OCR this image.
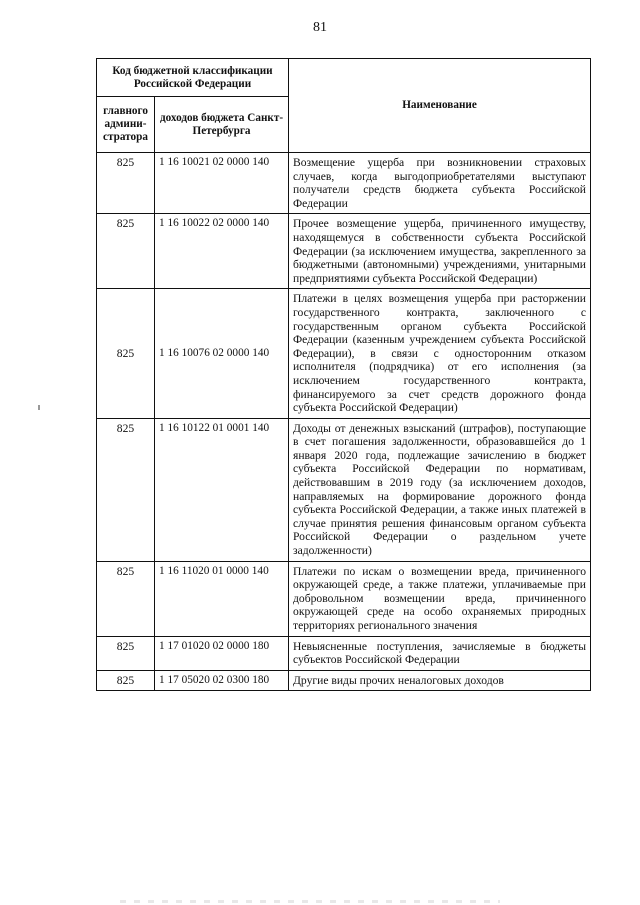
81
Код бюджетной классификации Российской Федерации		Наименование
главного админи-стратора	доходов бюджета Санкт-Петербурга	
825	1 16 10021 02 0000 140	Возмещение ущерба при возникновении страховых случаев, когда выгодоприобретателями выступают получатели средств бюджета субъекта Российской Федерации
825	1 16 10022 02 0000 140	Прочее возмещение ущерба, причиненного имуществу, находящемуся в собственности субъекта Российской Федерации (за исключением имущества, закрепленного за бюджетными (автономными) учреждениями, унитарными предприятиями субъекта Российской Федерации)
825	1 16 10076 02 0000 140	Платежи в целях возмещения ущерба при расторжении государственного контракта, заключенного с государственным органом субъекта Российской Федерации (казенным учреждением субъекта Российской Федерации), в связи с односторонним отказом исполнителя (подрядчика) от его исполнения (за исключением государственного контракта, финансируемого за счет средств дорожного фонда субъекта Российской Федерации)
825	1 16 10122 01 0001 140	Доходы от денежных взысканий (штрафов), поступающие в счет погашения задолженности, образовавшейся до 1 января 2020 года, подлежащие зачислению в бюджет субъекта Российской Федерации по нормативам, действовавшим в 2019 году (за исключением доходов, направляемых на формирование дорожного фонда субъекта Российской Федерации, а также иных платежей в случае принятия решения финансовым органом субъекта Российской Федерации о раздельном учете задолженности)
825	1 16 11020 01 0000 140	Платежи по искам о возмещении вреда, причиненного окружающей среде, а также платежи, уплачиваемые при добровольном возмещении вреда, причиненного окружающей среде на особо охраняемых природных территориях регионального значения
825	1 17 01020 02 0000 180	Невыясненные поступления, зачисляемые в бюджеты субъектов Российской Федерации
825	1 17 05020 02 0300 180	Другие виды прочих неналоговых доходов
